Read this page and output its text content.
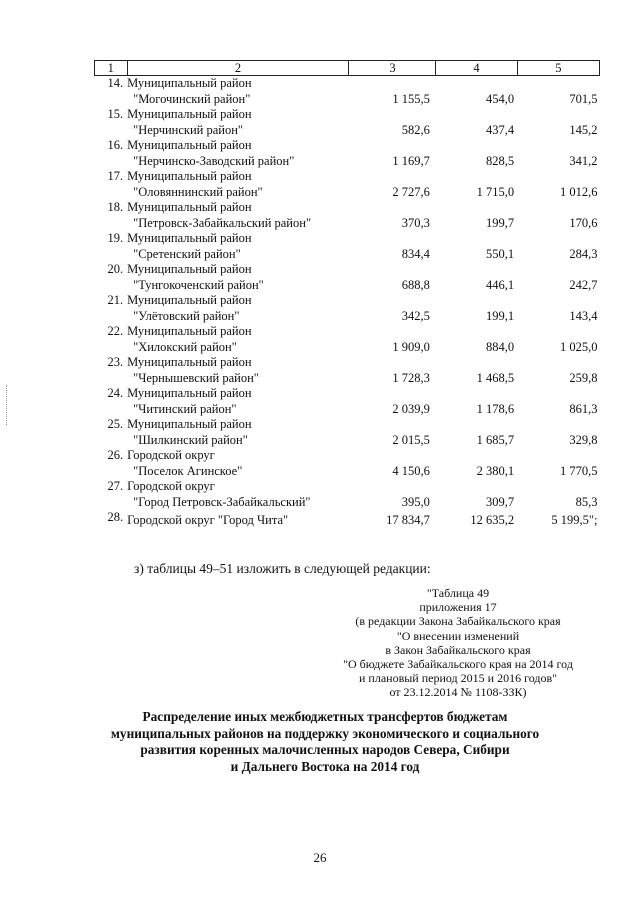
1	2	3	4	5
14.	Муниципальный район
"Могочинский район"	1 155,5	454,0	701,5
15.	Муниципальный район
"Нерчинский район"	582,6	437,4	145,2
16.	Муниципальный район
"Нерчинско-Заводский район"	1 169,7	828,5	341,2
17.	Муниципальный район
"Оловяннинский район"	2 727,6	1 715,0	1 012,6
18.	Муниципальный район
"Петровск-Забайкальский район"	370,3	199,7	170,6
19.	Муниципальный район
"Сретенский район"	834,4	550,1	284,3
20.	Муниципальный район
"Тунгокоченский район"	688,8	446,1	242,7
21.	Муниципальный район
"Улётовский район"	342,5	199,1	143,4
22.	Муниципальный район
"Хилокский район"	1 909,0	884,0	1 025,0
23.	Муниципальный район
"Чернышевский район"	1 728,3	1 468,5	259,8
24.	Муниципальный район
"Читинский район"	2 039,9	1 178,6	861,3
25.	Муниципальный район
"Шилкинский район"	2 015,5	1 685,7	329,8
26.	Городской округ
"Поселок Агинское"	4 150,6	2 380,1	1 770,5
27.	Городской округ
"Город Петровск-Забайкальский"	395,0	309,7	85,3
28.	Городской округ "Город Чита"	17 834,7	12 635,2	5 199,5";
з) таблицы 49–51 изложить в следующей редакции:
"Таблица 49
приложения 17
(в редакции Закона Забайкальского края
"О внесении изменений
в Закон Забайкальского края
"О бюджете Забайкальского края на 2014 год
и плановый период 2015 и 2016 годов"
от 23.12.2014 № 1108-ЗЗК)
Распределение иных межбюджетных трансфертов бюджетам
муниципальных районов на поддержку экономического и социального
развития коренных малочисленных народов Севера, Сибири
и Дальнего Востока на 2014 год
26
